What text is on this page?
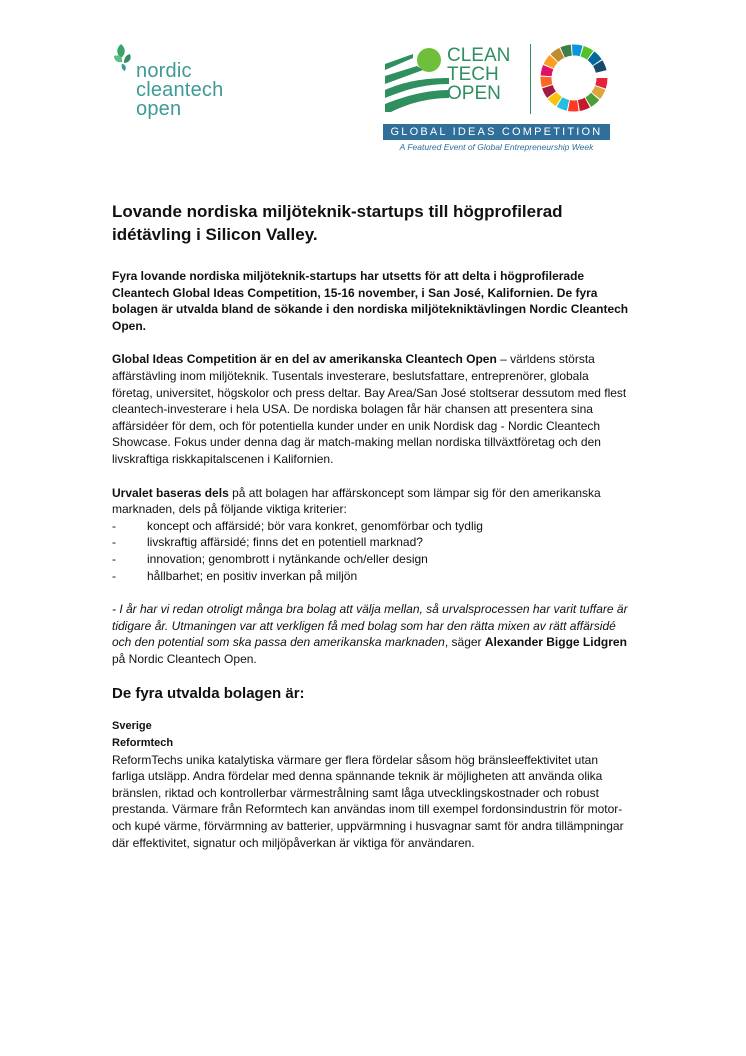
nordic
cleantech
open
CLEAN
TECH
OPEN
GLOBAL IDEAS COMPETITION
A Featured Event of Global Entrepreneurship Week
Lovande nordiska miljöteknik-startups till högprofilerad idétävling i Silicon Valley.

Fyra lovande nordiska miljöteknik-startups har utsetts för att delta i högprofilerade Cleantech Global Ideas Competition, 15-16 november, i San José, Kalifornien. De fyra bolagen är utvalda bland de sökande i den nordiska miljötekniktävlingen Nordic Cleantech Open.

Global Ideas Competition är en del av amerikanska Cleantech Open – världens största affärstävling inom miljöteknik. Tusentals investerare, beslutsfattare, entreprenörer, globala företag, universitet, högskolor och press deltar. Bay Area/San José stoltserar dessutom med flest cleantech-investerare i hela USA. De nordiska bolagen får här chansen att presentera sina affärsidéer för dem, och för potentiella kunder under en unik Nordisk dag - Nordic Cleantech Showcase. Fokus under denna dag är match-making mellan nordiska tillväxtföretag och den livskraftiga riskkapitalscenen i Kalifornien.

Urvalet baseras dels på att bolagen har affärskoncept som lämpar sig för den amerikanska marknaden, dels på följande viktiga kriterier:

-	koncept och affärsidé; bör vara konkret, genomförbar och tydlig
-	livskraftig affärsidé; finns det en potentiell marknad?
-	innovation; genombrott i nytänkande och/eller design
-	hållbarhet; en positiv inverkan på miljön

- I år har vi redan otroligt många bra bolag att välja mellan, så urvalsprocessen har varit tuffare är tidigare år. Utmaningen var att verkligen få med bolag som har den rätta mixen av rätt affärsidé och den potential som ska passa den amerikanska marknaden, säger Alexander Bigge Lidgren på Nordic Cleantech Open.

De fyra utvalda bolagen är:

Sverige

Reformtech

ReformTechs unika katalytiska värmare ger flera fördelar såsom hög bränsleeffektivitet utan farliga utsläpp. Andra fördelar med denna spännande teknik är möjligheten att använda olika bränslen, riktad och kontrollerbar värmestrålning samt låga utvecklingskostnader och robust prestanda. Värmare från Reformtech kan användas inom till exempel fordonsindustrin för motor- och kupé värme, förvärmning av batterier, uppvärmning i husvagnar samt för andra tillämpningar där effektivitet, signatur och miljöpåverkan är viktiga för användaren.
